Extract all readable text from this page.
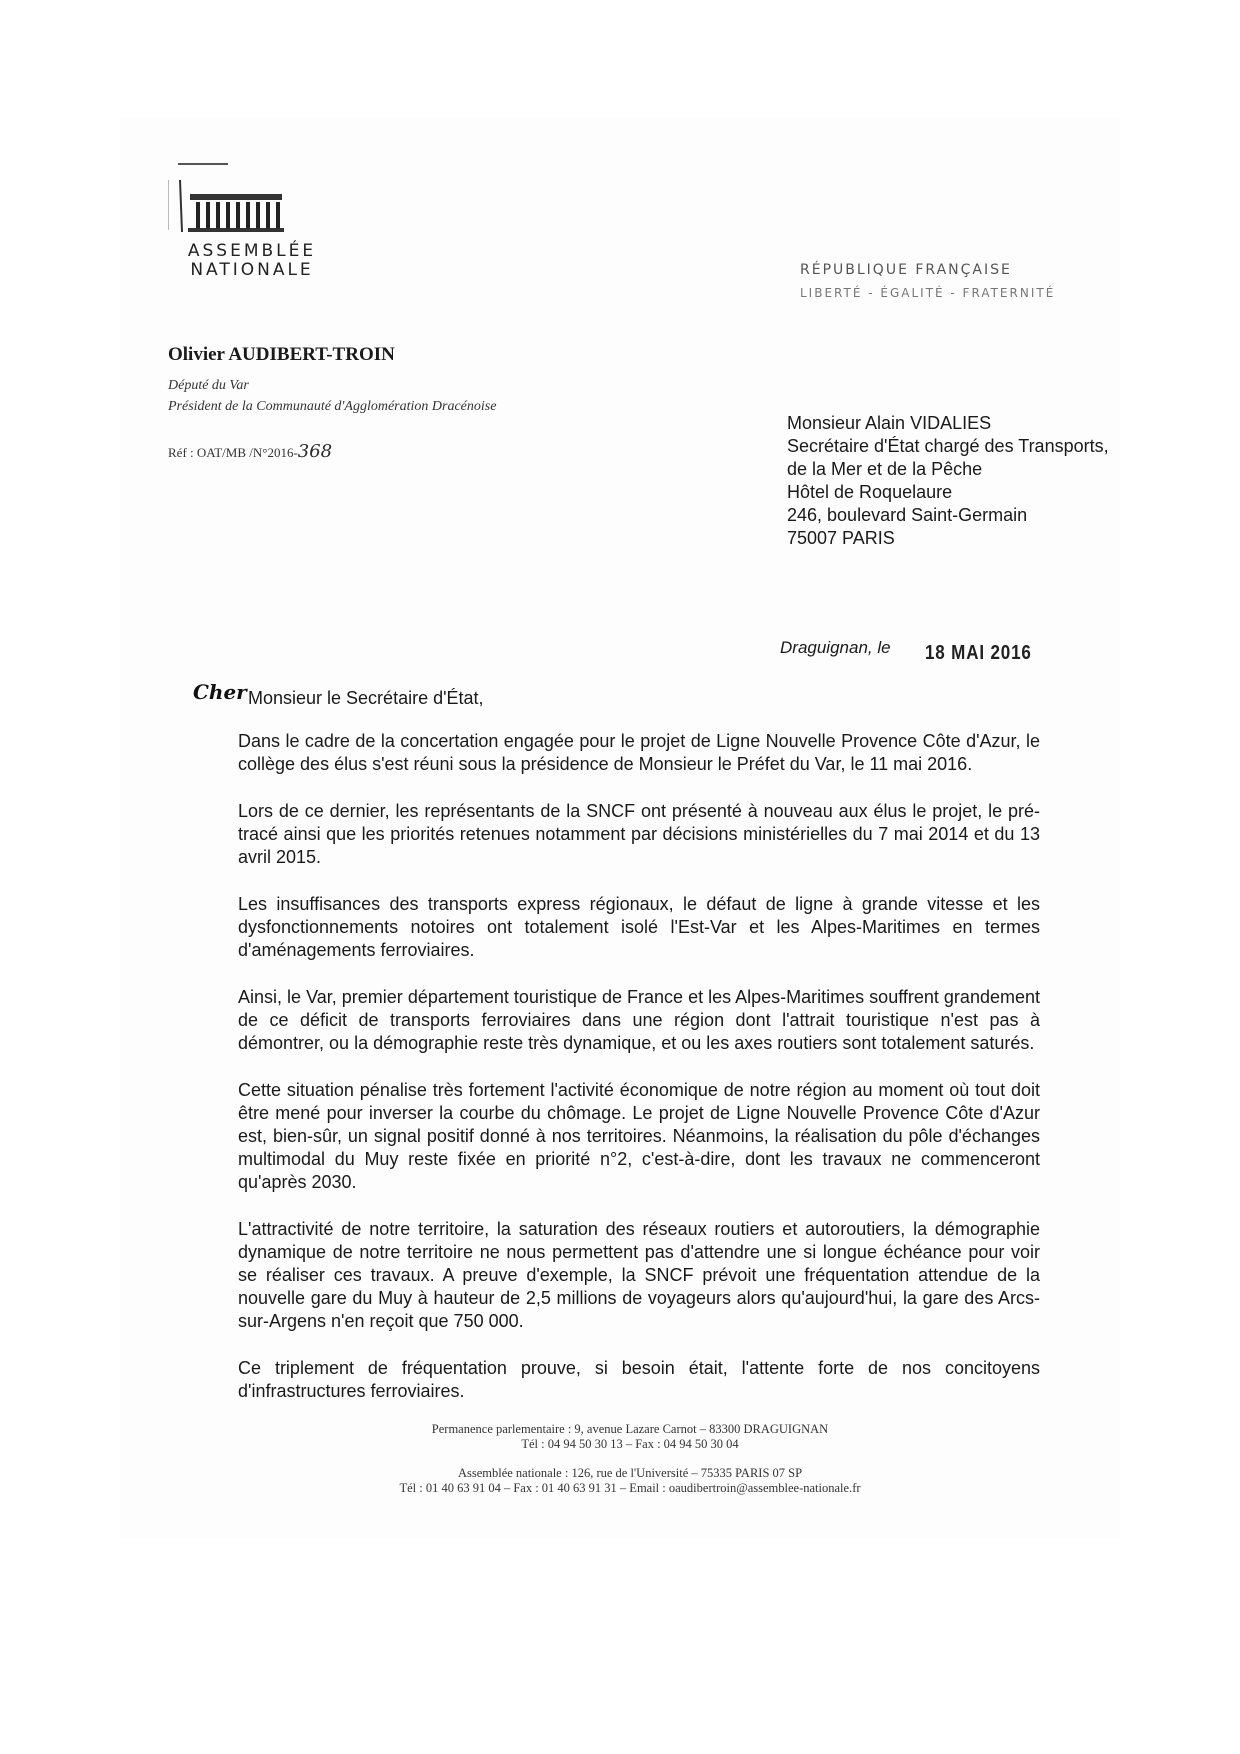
ASSEMBLÉE
NATIONALE	RÉPUBLIQUE FRANÇAISE
LIBERTÉ - ÉGALITÉ - FRATERNITÉ
Olivier AUDIBERT-TROIN
Député du Var
Président de la Communauté d'Agglomération Dracénoise
Réf : OAT/MB /N°2016-368
Monsieur Alain VIDALIES
Secrétaire d'État chargé des Transports,
de la Mer et de la Pêche
Hôtel de Roquelaure
246, boulevard Saint-Germain
75007 PARIS
Draguignan, le 18 MAI 2016
Cher Monsieur le Secrétaire d'État,

Dans le cadre de la concertation engagée pour le projet de Ligne Nouvelle Provence Côte d'Azur, le collège des élus s'est réuni sous la présidence de Monsieur le Préfet du Var, le 11 mai 2016.

Lors de ce dernier, les représentants de la SNCF ont présenté à nouveau aux élus le projet, le pré-tracé ainsi que les priorités retenues notamment par décisions ministérielles du 7 mai 2014 et du 13 avril 2015.

Les insuffisances des transports express régionaux, le défaut de ligne à grande vitesse et les dysfonctionnements notoires ont totalement isolé l'Est-Var et les Alpes-Maritimes en termes d'aménagements ferroviaires.

Ainsi, le Var, premier département touristique de France et les Alpes-Maritimes souffrent grandement de ce déficit de transports ferroviaires dans une région dont l'attrait touristique n'est pas à démontrer, ou la démographie reste très dynamique, et ou les axes routiers sont totalement saturés.

Cette situation pénalise très fortement l'activité économique de notre région au moment où tout doit être mené pour inverser la courbe du chômage. Le projet de Ligne Nouvelle Provence Côte d'Azur est, bien-sûr, un signal positif donné à nos territoires. Néanmoins, la réalisation du pôle d'échanges multimodal du Muy reste fixée en priorité n°2, c'est-à-dire, dont les travaux ne commenceront qu'après 2030.

L'attractivité de notre territoire, la saturation des réseaux routiers et autoroutiers, la démographie dynamique de notre territoire ne nous permettent pas d'attendre une si longue échéance pour voir se réaliser ces travaux. A preuve d'exemple, la SNCF prévoit une fréquentation attendue de la nouvelle gare du Muy à hauteur de 2,5 millions de voyageurs alors qu'aujourd'hui, la gare des Arcs-sur-Argens n'en reçoit que 750 000.

Ce triplement de fréquentation prouve, si besoin était, l'attente forte de nos concitoyens d'infrastructures ferroviaires.

Permanence parlementaire : 9, avenue Lazare Carnot – 83300 DRAGUIGNAN
Tél : 04 94 50 30 13 – Fax : 04 94 50 30 04
Assemblée nationale : 126, rue de l'Université – 75335 PARIS 07 SP
Tél : 01 40 63 91 04 – Fax : 01 40 63 91 31 – Email : oaudibertroin@assemblee-nationale.fr
